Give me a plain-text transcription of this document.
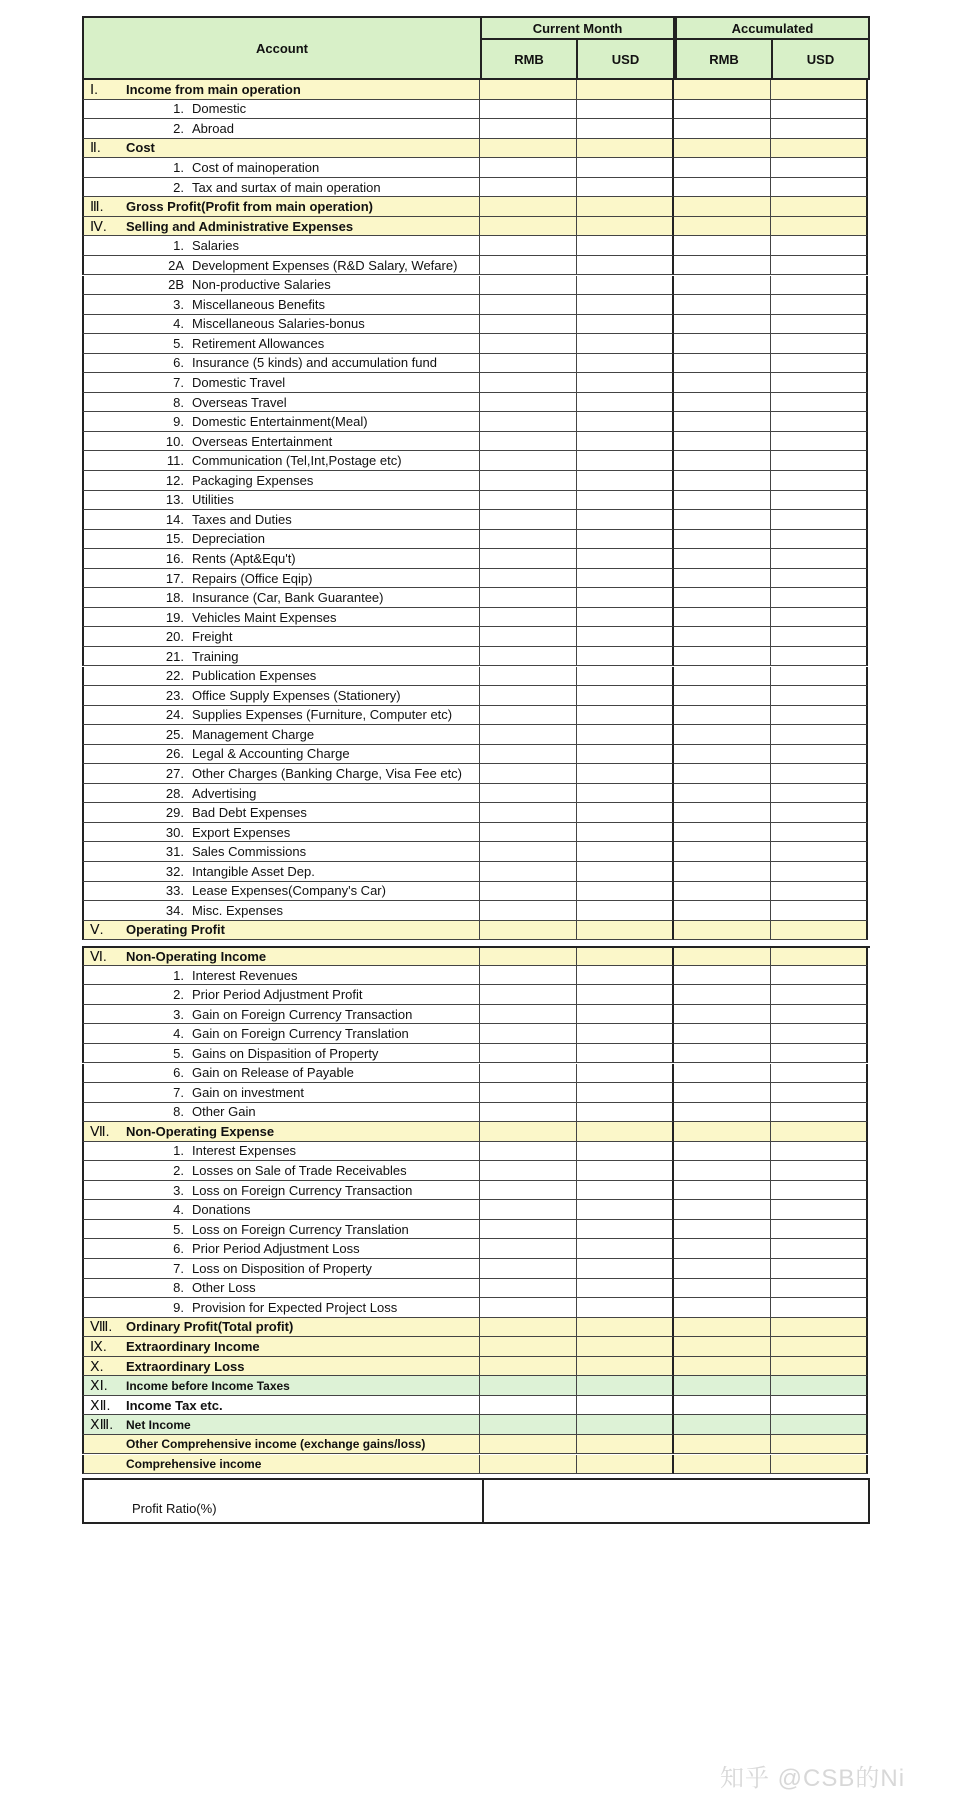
Account
Current Month	Accumulated
RMB	USD	RMB	USD
Ⅰ. Income from main operation
1. Domestic
2. Abroad
Ⅱ. Cost
1. Cost of mainoperation
2. Tax and surtax of main operation
Ⅲ. Gross Profit(Profit from main operation)
Ⅳ. Selling and Administrative Expenses
1. Salaries
2A Development Expenses (R&D Salary, Wefare)
2B Non-productive Salaries
3. Miscellaneous Benefits
4. Miscellaneous Salaries-bonus
5. Retirement Allowances
6. Insurance (5 kinds) and accumulation fund
7. Domestic Travel
8. Overseas Travel
9. Domestic Entertainment(Meal)
10. Overseas Entertainment
11. Communication (Tel,Int,Postage etc)
12. Packaging Expenses
13. Utilities
14. Taxes and Duties
15. Depreciation
16. Rents (Apt&Equ't)
17. Repairs (Office Eqip)
18. Insurance (Car, Bank Guarantee)
19. Vehicles Maint Expenses
20. Freight
21. Training
22. Publication Expenses
23. Office Supply Expenses (Stationery)
24. Supplies Expenses (Furniture, Computer etc)
25. Management Charge
26. Legal & Accounting Charge
27. Other Charges (Banking Charge, Visa Fee etc)
28. Advertising
29. Bad Debt Expenses
30. Export Expenses
31. Sales Commissions
32. Intangible Asset Dep.
33. Lease Expenses(Company's Car)
34. Misc. Expenses
Ⅴ. Operating Profit
Ⅵ. Non-Operating Income
1. Interest Revenues
2. Prior Period Adjustment Profit
3. Gain on Foreign Currency Transaction
4. Gain on Foreign Currency Translation
5. Gains on Dispasition of Property
6. Gain on Release of Payable
7. Gain on investment
8. Other Gain
Ⅶ. Non-Operating Expense
1. Interest Expenses
2. Losses on Sale of Trade Receivables
3. Loss on Foreign Currency Transaction
4. Donations
5. Loss on Foreign Currency Translation
6. Prior Period Adjustment Loss
7. Loss on Disposition of Property
8. Other Loss
9. Provision for Expected Project Loss
Ⅷ. Ordinary Profit(Total profit)
Ⅸ. Extraordinary Income
Ⅹ. Extraordinary Loss
ⅩⅠ. Income before Income Taxes
ⅩⅡ. Income Tax etc.
ⅩⅢ. Net Income
Other Comprehensive income (exchange gains/loss)
Comprehensive income
Profit Ratio(%)
知乎 @CSB的Ni
